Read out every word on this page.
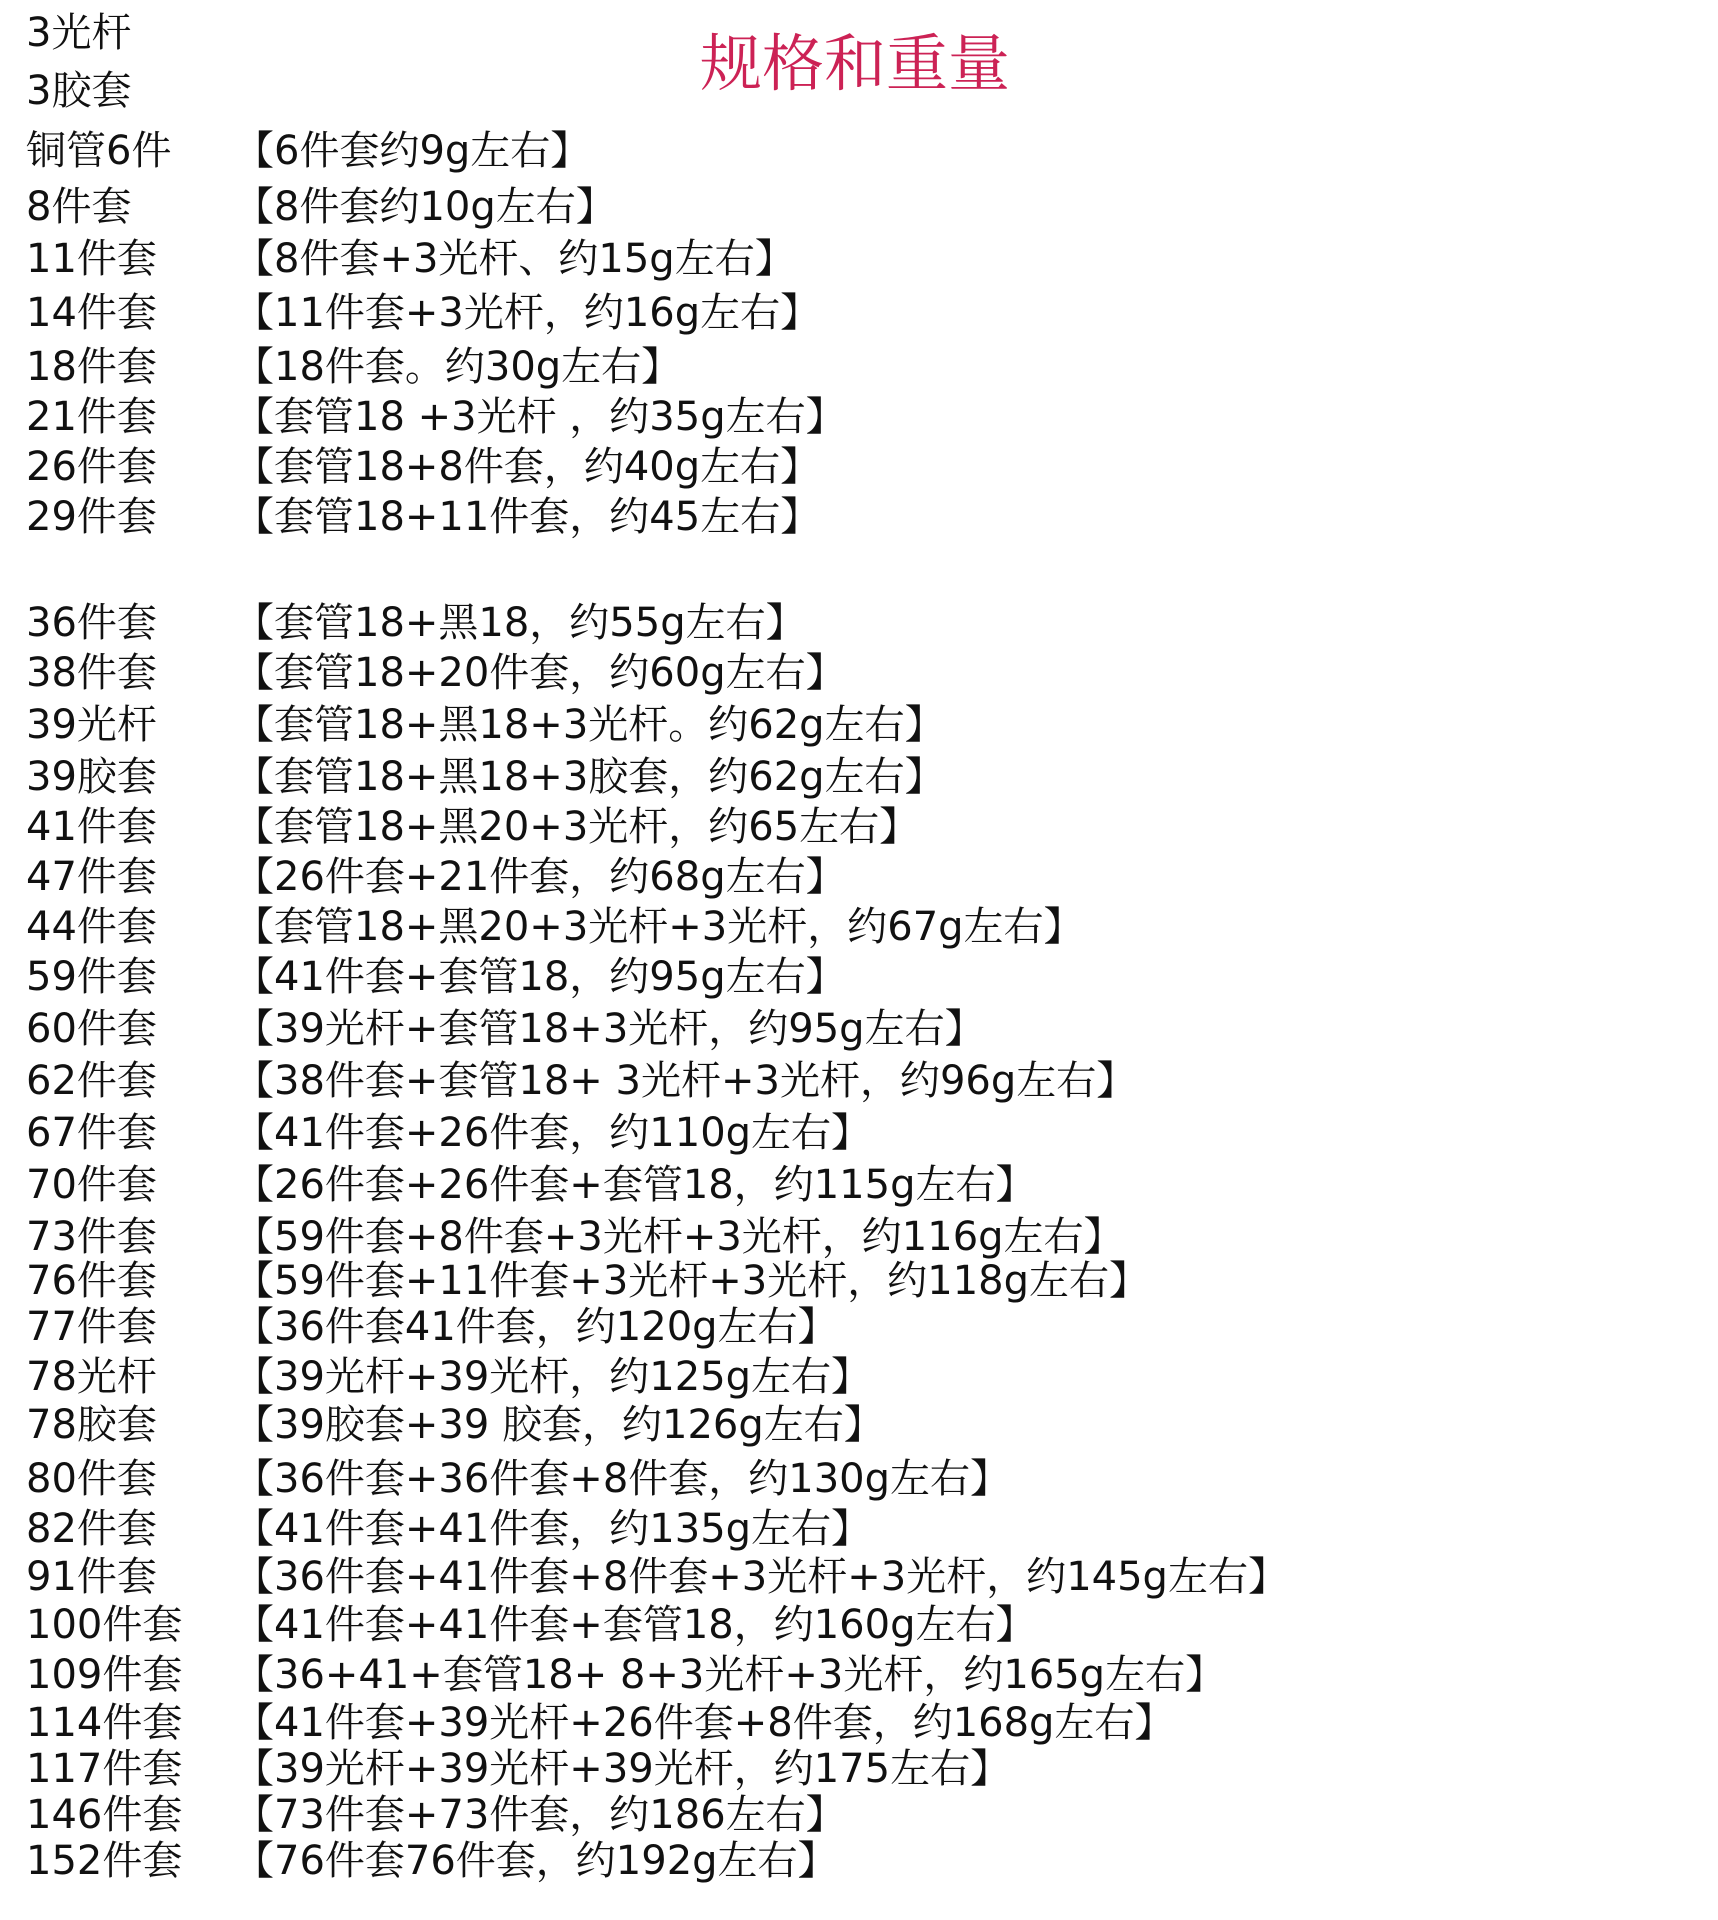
规格和重量
3光杆
3胶套
铜管6件 【6件套约9g左右】
8件套	【8件套约10g左右】
11件套 【8件套+3光杆、约15g左右】
14件套 【11件套+3光杆，约16g左右】
18件套 【18件套。约30g左右】
21件套 【套管18 +3光杆 ，约35g左右】
26件套 【套管18+8件套，约40g左右】
29件套 【套管18+11件套，约45左右】
36件套 【套管18+黑18，约55g左右】
38件套 【套管18+20件套，约60g左右】
39光杆 【套管18+黑18+3光杆。约62g左右】
39胶套 【套管18+黑18+3胶套，约62g左右】
41件套 【套管18+黑20+3光杆，约65左右】
47件套 【26件套+21件套，约68g左右】
44件套 【套管18+黑20+3光杆+3光杆，约67g左右】
59件套 【41件套+套管18，约95g左右】
60件套 【39光杆+套管18+3光杆，约95g左右】
62件套 【38件套+套管18+ 3光杆+3光杆，约96g左右】
67件套 【41件套+26件套，约110g左右】
70件套 【26件套+26件套+套管18，约115g左右】
73件套 【59件套+8件套+3光杆+3光杆，约116g左右】
76件套 【59件套+11件套+3光杆+3光杆，约118g左右】
77件套 【36件套41件套，约120g左右】
78光杆 【39光杆+39光杆，约125g左右】
78胶套 【39胶套+39 胶套，约126g左右】
80件套 【36件套+36件套+8件套，约130g左右】
82件套 【41件套+41件套，约135g左右】
91件套 【36件套+41件套+8件套+3光杆+3光杆，约145g左右】
100件套 【41件套+41件套+套管18，约160g左右】
109件套 【36+41+套管18+ 8+3光杆+3光杆，约165g左右】
114件套 【41件套+39光杆+26件套+8件套，约168g左右】
117件套 【39光杆+39光杆+39光杆，约175左右】
146件套 【73件套+73件套，约186左右】
152件套 【76件套76件套，约192g左右】
